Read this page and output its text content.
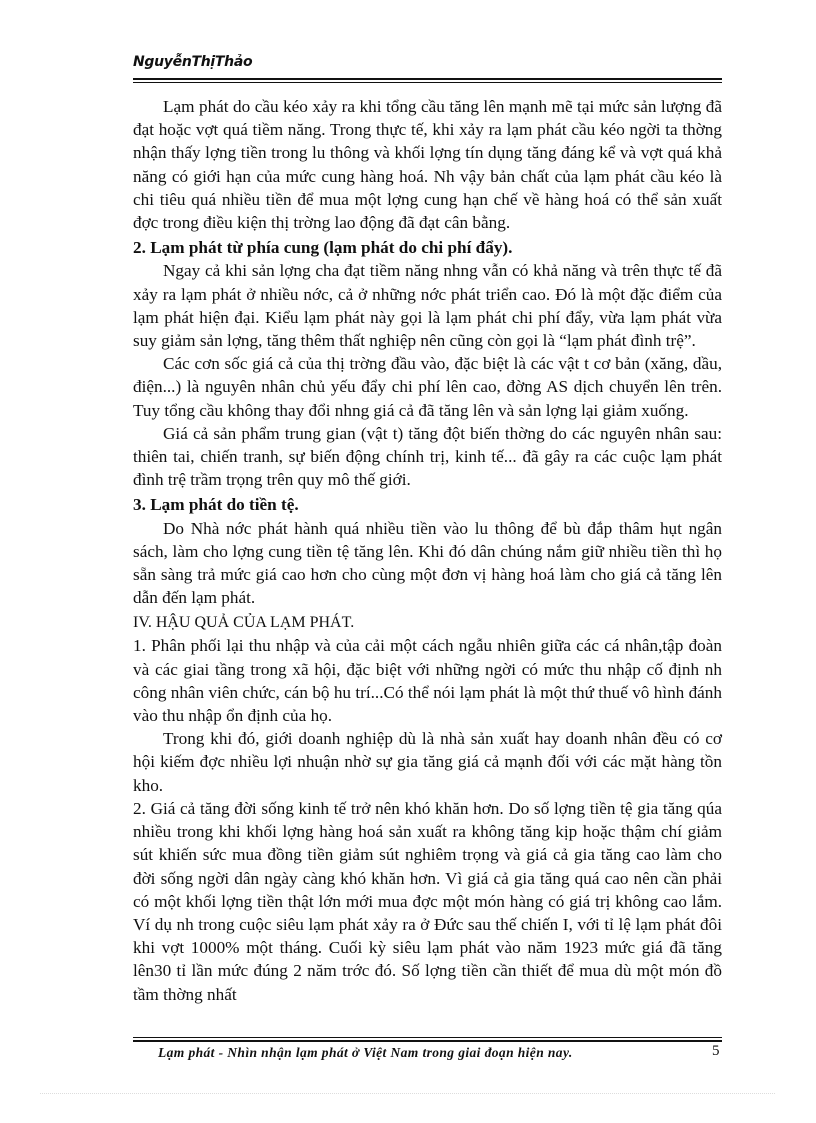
NguyễnThịThảo

Lạm phát do cầu kéo xảy ra khi tổng cầu tăng lên mạnh mẽ tại mức sản lượng đã đạt hoặc vợt quá tiềm năng. Trong thực tế, khi xảy ra lạm phát cầu kéo ngời ta thờng nhận thấy lợng tiền trong lu thông và khối lợng tín dụng tăng đáng kể và vợt quá khả năng có giới hạn của mức cung hàng hoá. Nh vậy bản chất của lạm phát cầu kéo là chi tiêu quá nhiều tiền để mua một lợng cung hạn chế về hàng hoá có thể sản xuất đợc trong điều kiện thị trờng lao động đã đạt cân bằng.

2. Lạm phát từ phía cung (lạm phát do chi phí đẩy).

Ngay cả khi sản lợng cha đạt tiềm năng nhng vẫn có khả năng và trên thực tế đã xảy ra lạm phát ở nhiều nớc, cả ở những nớc phát triển cao. Đó là một đặc điểm của lạm phát hiện đại. Kiểu lạm phát này gọi là lạm phát chi phí đẩy, vừa lạm phát vừa suy giảm sản lợng, tăng thêm thất nghiệp nên cũng còn gọi là “lạm phát đình trệ”.

Các cơn sốc giá cả của thị trờng đầu vào, đặc biệt là các vật t cơ bản (xăng, dầu, điện...) là nguyên nhân chủ yếu đẩy chi phí lên cao, đờng AS dịch chuyển lên trên. Tuy tổng cầu không thay đổi nhng giá cả đã tăng lên và sản lợng lại giảm xuống.

Giá cả sản phẩm trung gian (vật t) tăng đột biến thờng do các nguyên nhân sau: thiên tai, chiến tranh, sự biến động chính trị, kinh tế... đã gây ra các cuộc lạm phát đình trệ trầm trọng trên quy mô thế giới.

3. Lạm phát do tiền tệ.

Do Nhà nớc phát hành quá nhiều tiền vào lu thông để bù đắp thâm hụt ngân sách, làm cho lợng cung tiền tệ tăng lên. Khi đó dân chúng nắm giữ nhiều tiền thì họ sẵn sàng trả mức giá cao hơn cho cùng một đơn vị hàng hoá làm cho giá cả tăng lên dẫn đến lạm phát.

IV. HẬU QUẢ CỦA LẠM PHÁT.

1. Phân phối lại thu nhập và của cải một cách ngẫu nhiên giữa các cá nhân,tập đoàn và các giai tầng trong xã hội, đặc biệt với những ngời có mức thu nhập cố định nh công nhân viên chức, cán bộ hu trí...Có thể nói lạm phát là một thứ thuế vô hình đánh vào thu nhập ổn định của họ.

Trong khi đó, giới doanh nghiệp dù là nhà sản xuất hay doanh nhân đều có cơ hội kiếm đợc nhiều lợi nhuận nhờ sự gia tăng giá cả mạnh đối với các mặt hàng tồn kho.

2. Giá cả tăng đời sống kinh tế trở nên khó khăn hơn. Do số lợng tiền tệ gia tăng qúa nhiều trong khi khối lợng hàng hoá sản xuất ra không tăng kịp hoặc thậm chí giảm sút khiến sức mua đồng tiền giảm sút nghiêm trọng và giá cả gia tăng cao làm cho đời sống ngời dân ngày càng khó khăn hơn. Vì giá cả gia tăng quá cao nên cần phải có một khối lợng tiền thật lớn mới mua đợc một món hàng có giá trị không cao lắm. Ví dụ nh trong cuộc siêu lạm phát xảy ra ở Đức sau thế chiến I, với tỉ lệ lạm phát đôi khi vợt 1000% một tháng. Cuối kỳ siêu lạm phát vào năm 1923 mức giá đã tăng lên30 tỉ lần mức đúng 2 năm trớc đó. Số lợng tiền cần thiết để mua dù một món đồ tầm thờng nhất

Lạm phát - Nhìn nhận lạm phát ở Việt Nam trong giai đoạn hiện nay.	5
